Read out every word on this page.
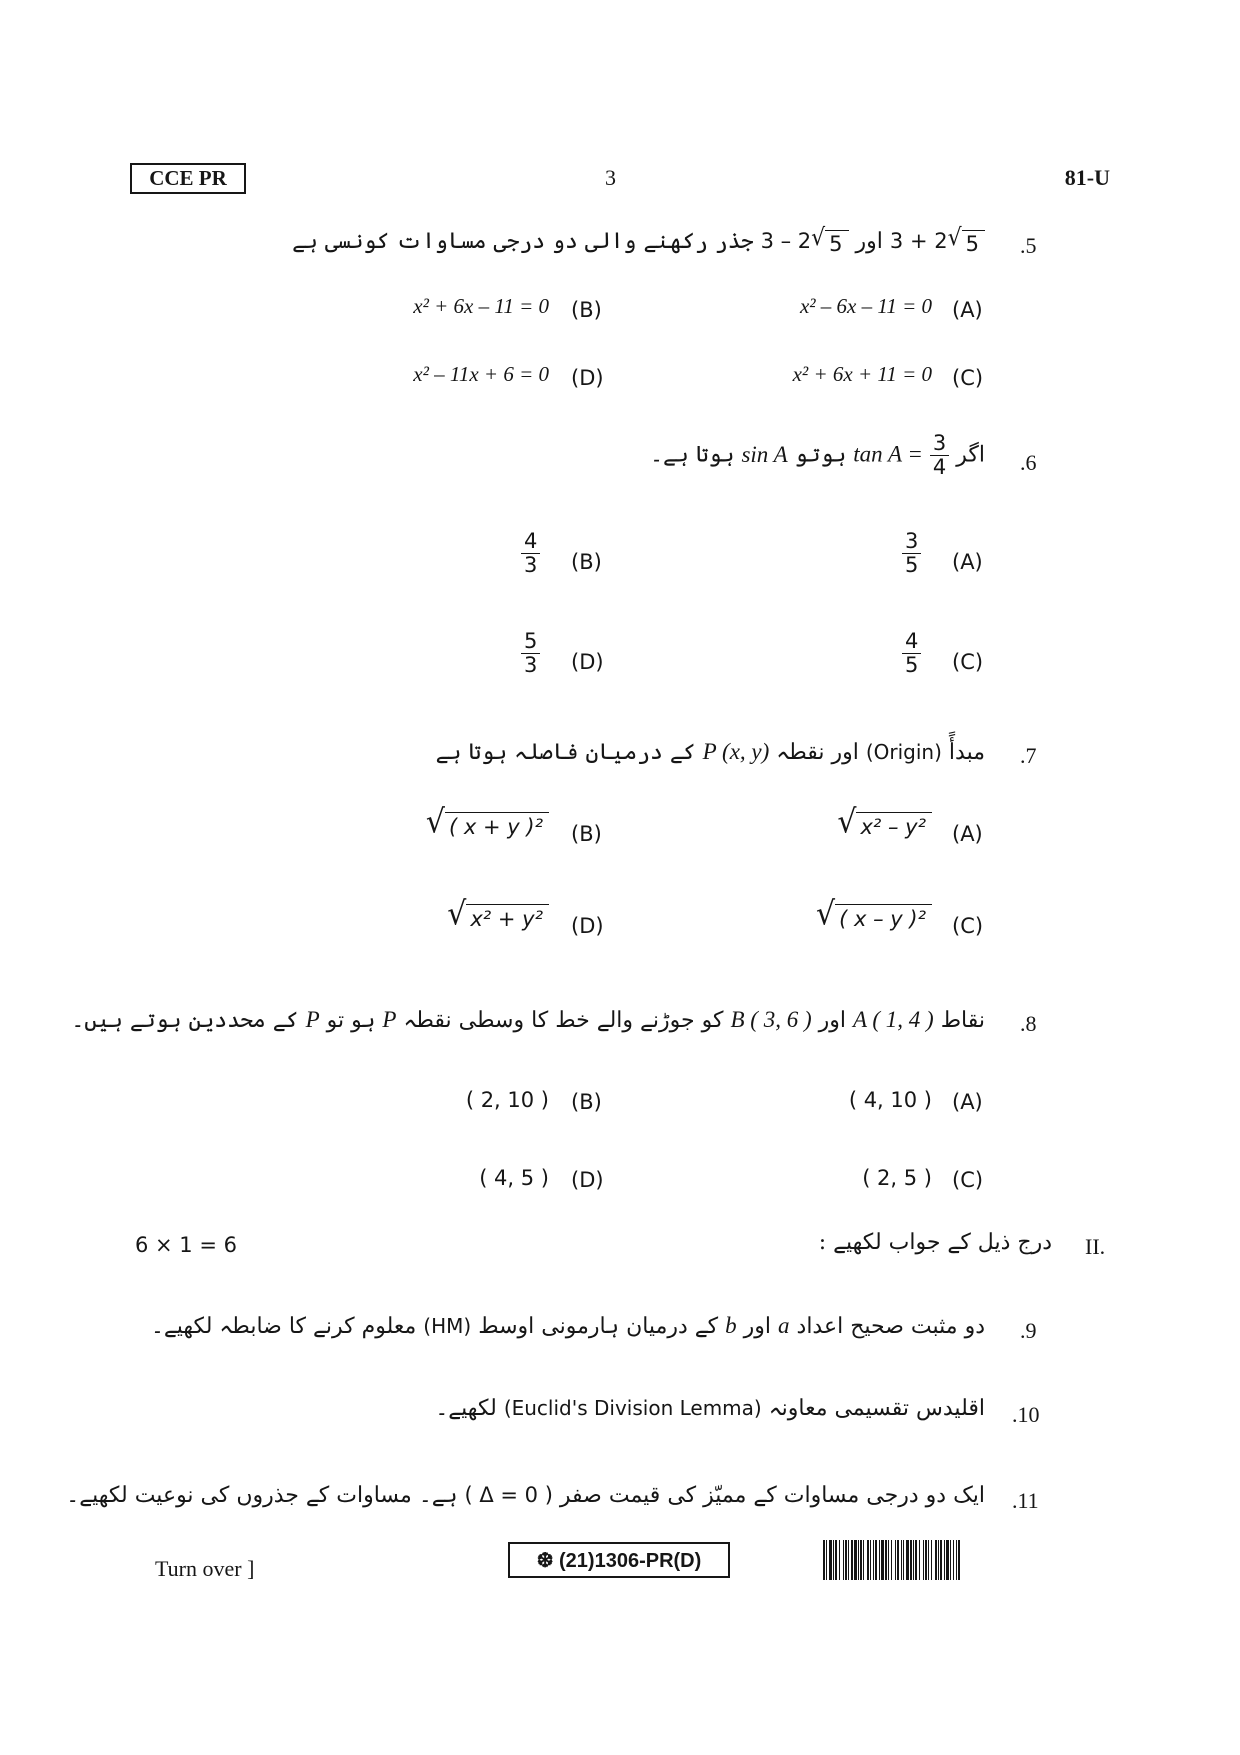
CCE PR	3	81-U
.5
3 + 2 √ 5
اور 3 – 2 √ 5
جذر رکھنے والی دو درجی مساوات کونسی ہے
(A)
x² – 6x – 11 = 0
(B)
x² + 6x – 11 = 0
(C)
x² + 6x + 11 = 0
(D)
x² – 11x + 6 = 0
.6
اگر $\tan A = \frac{3}{4}$
ہوتو sin A ہوتا ہے۔
(A)
$\frac{3}{5}$
(B)
$\frac{4}{3}$
(C)
$\frac{4}{5}$
(D)
$\frac{5}{3}$
.7
مبدأً (Origin) اور نقطہ P (x, y) کے درمیان فاصلہ ہوتا ہے
(A)
√ x² – y²
(B)
√ ( x + y )²
(C)
√ ( x – y )²
(D)
√ x² + y²
.8
نقاط A ( 1, 4 ) اور B ( 3, 6 ) کو جوڑنے والے خط کا وسطی نقطہ P ہو تو P کے محددین ہوتے ہیں۔
(A)
( 4, 10 )
(B)
( 2, 10 )
(C)
( 2, 5 )
(D)
( 4, 5 )
II.
درج ذیل کے جواب لکھیے :
6 × 1 = 6
.9
دو مثبت صحیح اعداد a اور b کے درمیان ہارمونی اوسط (HM) معلوم کرنے کا ضابطہ لکھیے۔
.10
اقلیدس تقسیمی معاونہ (Euclid's Division Lemma) لکھیے۔
.11
ایک دو درجی مساوات کے ممیّز کی قیمت صفر ( Δ = 0 ) ہے۔ مساوات کے جذروں کی نوعیت لکھیے۔
Turn over ]	❆ (21)1306-PR(D)
